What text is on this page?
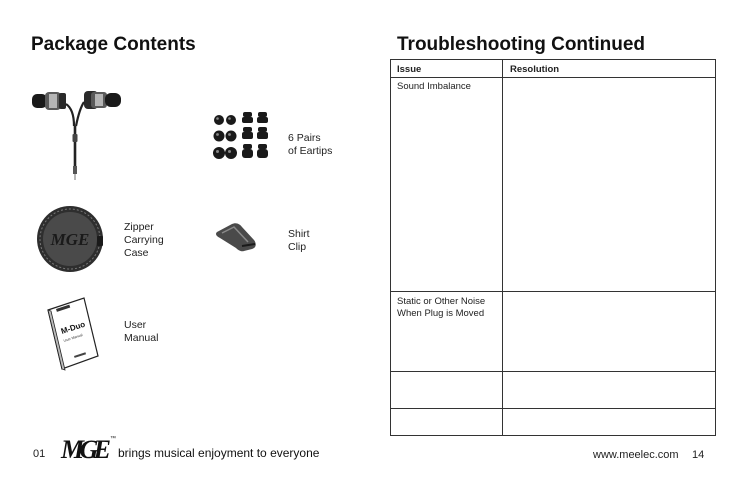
Package Contents
6 Pairs
of Eartips
MGE
Zipper
Carrying
Case
Shirt
Clip
M-Duo
User Manual
User
Manual
Troubleshooting Continued
Issue	Resolution
Sound Imbalance
Static or Other Noise
When Plug is Moved
01 MGE ™
brings musical enjoyment to everyone	www.meelec.com 14
